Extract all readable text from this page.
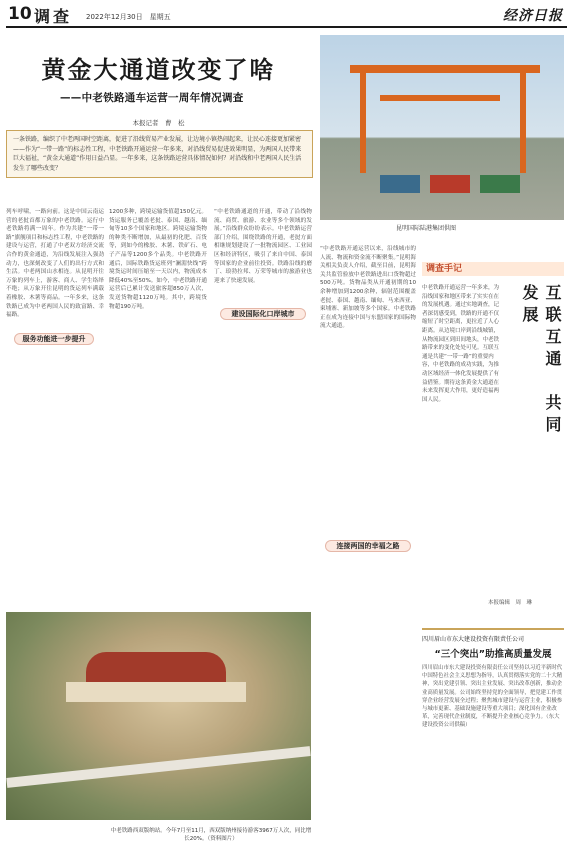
10 调查 2022年12月30日　星期五	经济日报
黄金大通道改变了啥
——中老铁路通车运营一周年情况调查
本报记者　曹　松
一条铁路，编织了中老两国时空距离，促进了沿线贸易产业发展，让边境小镇热闹起来，让民心连接更加紧密——作为“一带一路”的标志性工程，中老铁路开通运营一年多来，对沿线贸易促进效果明显，为两国人民带来巨大福祉，“黄金大通道”作用日益凸显。一年多来，这条铁路运营具体情况如何？对沿线和中老两国人民生活发生了哪些改变？
昆明国际陆港集团供图
列车呼啸，一路向前。这是中国云南运营的老挝首都万象的中老铁路。运行中老铁路将满一周年。作为共建“一带一路”旗舰项目和标志性工程，中老铁路的建设与运营，打通了中老双方经济交流合作的黄金通道，为沿线发展注入强劲动力，也深刻改变了人们的出行方式和生活。中老两国山水相连。从昆明开往万象的列车上，游客、商人、学生络绎不绝；从万象开往昆明的货运列车满载着橡胶、木薯等商品。一年多来，这条铁路已成为中老两国人民的致富路、幸福路。
1200多种，跨境运输货值超150亿元。货运服务已覆盖老挝、泰国、越南、缅甸等10多个国家和地区。跨境运输货物的种类不断增加，从最初的化肥、百货等，到如今的橡胶、木薯、铁矿石、电子产品等1200多个品类。中老铁路开通后，国际铁路货运班列“澜湄快线”跨境货运时间压缩至一天以内，物流成本降低40%至50%。如今，中老铁路开通运营后已累计发送旅客超850万人次，发送货物超1120万吨。其中，跨境货物超190万吨。
“中老铁路通道的开通，带动了沿线物流、商贸、旅游、农业等多个领域的发展。”沿线群众纷纷表示。中老铁路运营部门介绍，围绕铁路的开通，老挝方面相继规划建设了一批物流园区、工业园区和经济特区，吸引了来自中国、泰国等国家的企业前往投资。铁路沿线的磨丁、琅勃拉邦、万荣等城市的旅游业也迎来了快速发展。
服务功能进一步提升
建设国际化口岸城市
连接两国的幸福之路
“中老铁路开通运营以来，沿线城市的人流、物流和资金流不断聚集。”昆明海关相关负责人介绍，截至目前，昆明海关共监管验放中老铁路进出口货物超过500万吨。货物品类从开通初期的10余种增加到1200余种，辐射范围覆盖老挝、泰国、越南、缅甸、马来西亚、柬埔寨、新加坡等多个国家。中老铁路正在成为连接中国与东盟国家的国际物流大通道。
中老铁路西双版纳站。今年7月至11月，西双版纳州接待游客3967万人次，同比增长20%。（资料图片）
调查手记
中老铁路开通运营一年多来，为沿线国家和地区带来了实实在在的发展机遇。通过实地调查，记者深切感受到，铁路的开通不仅缩短了时空距离，更拉近了人心距离。从边境口岸到沿线城镇，从物流园区到田间地头，中老铁路带来的变化处处可见。互联互通是共建“一带一路”的重要内容，中老铁路的成功实践，为推动区域经济一体化发展提供了有益借鉴。期待这条黄金大通道在未来发挥更大作用，更好造福两国人民。	互联互通　共同发展
本报编辑　周　琳
四川眉山市东大建设投资有限责任公司
“三个突出”助推高质量发展
四川眉山市东大建设投资有限责任公司坚持以习近平新时代中国特色社会主义思想为指导，认真贯彻落实党的二十大精神，突出党建引领、突出主业发展、突出改革创新，推动企业高质量发展。公司始终坚持党的全面领导，把党建工作贯穿企业经营发展全过程；聚焦城市建设与运营主业，积极参与城市更新、基础设施建设等重大项目；深化国有企业改革，完善现代企业制度，不断提升企业核心竞争力。（东大建设投资公司供稿）
